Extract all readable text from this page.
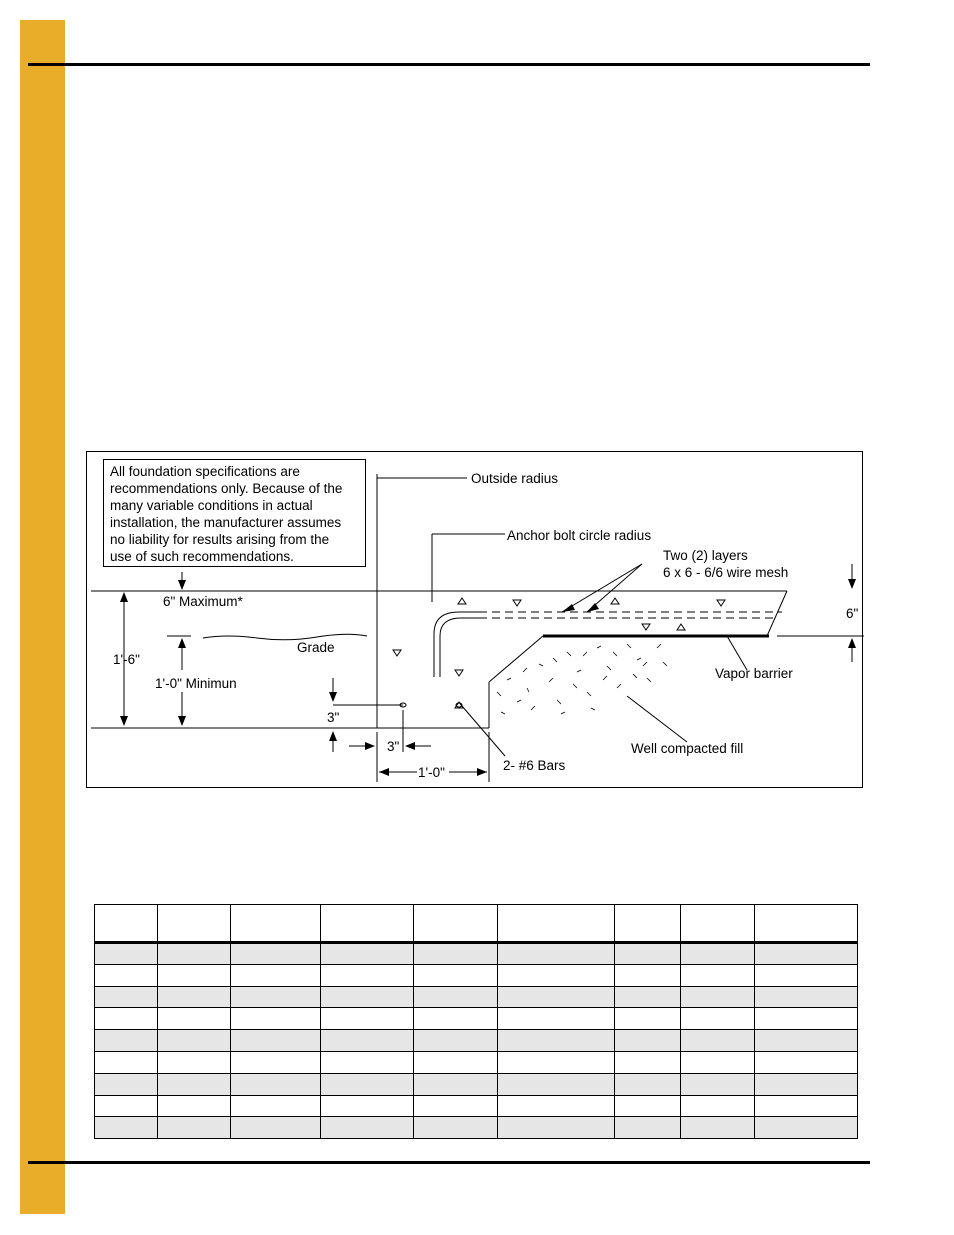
Outside radius
Anchor bolt circle radius
Two (2) layers
6 x 6 - 6/6 wire mesh
6" Maximum*
6"
Grade
1'-6"
1'-0" Minimun
Vapor barrier
3"
3"	Well compacted fill
2- #6 Bars
1'-0"
All foundation specifications are
recommendations only. Because of the
many variable conditions in actual
installation, the manufacturer assumes
no liability for results arising from the
use of such recommendations.
